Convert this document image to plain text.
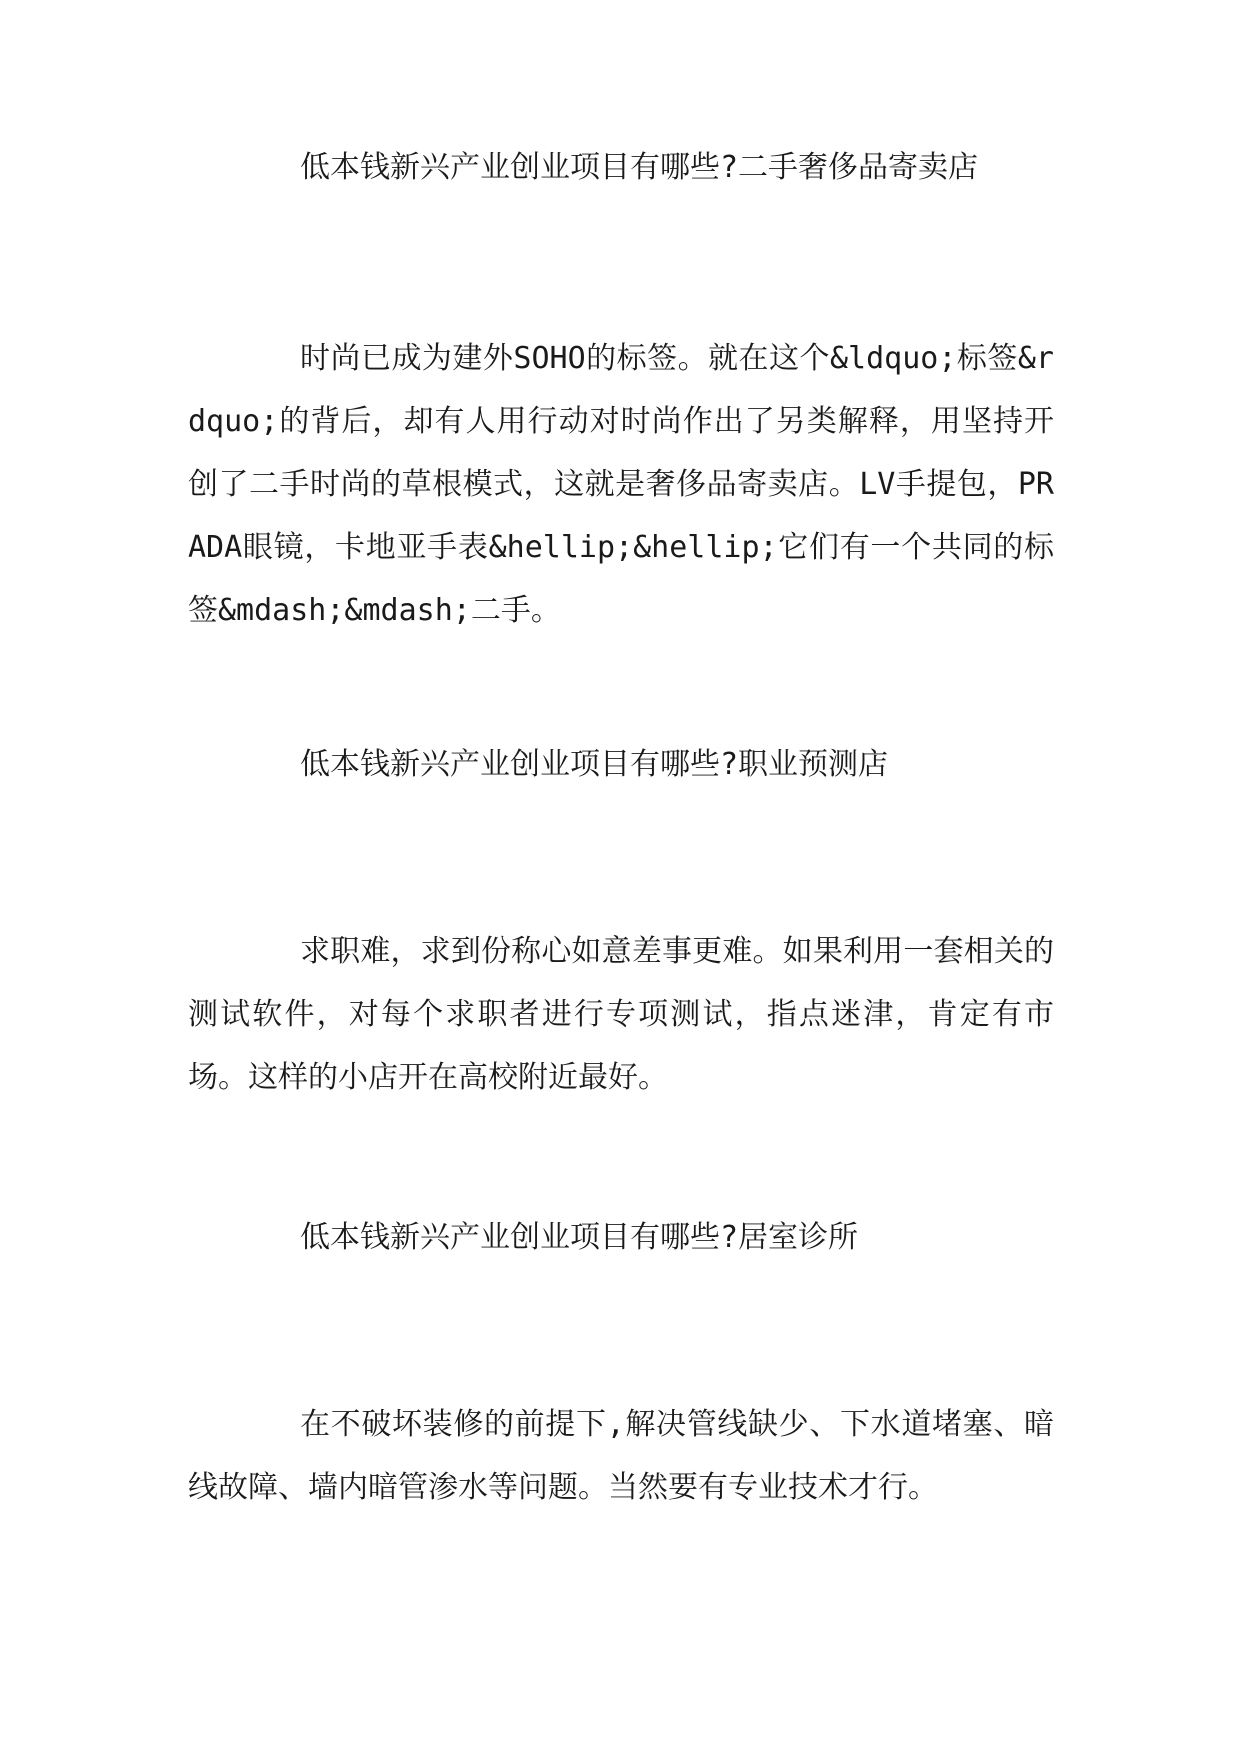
低本钱新兴产业创业项目有哪些?二手奢侈品寄卖店

时尚已成为建外SOHO的标签。就在这个&ldquo;标签&rdquo;的背后，却有人用行动对时尚作出了另类解释，用坚持开创了二手时尚的草根模式，这就是奢侈品寄卖店。LV手提包，PRADA眼镜，卡地亚手表&hellip;&hellip;它们有一个共同的标签&mdash;&mdash;二手。

低本钱新兴产业创业项目有哪些?职业预测店

求职难，求到份称心如意差事更难。如果利用一套相关的测试软件，对每个求职者进行专项测试，指点迷津，肯定有市场。这样的小店开在高校附近最好。

低本钱新兴产业创业项目有哪些?居室诊所

在不破坏装修的前提下,解决管线缺少、下水道堵塞、暗线故障、墙内暗管渗水等问题。当然要有专业技术才行。
